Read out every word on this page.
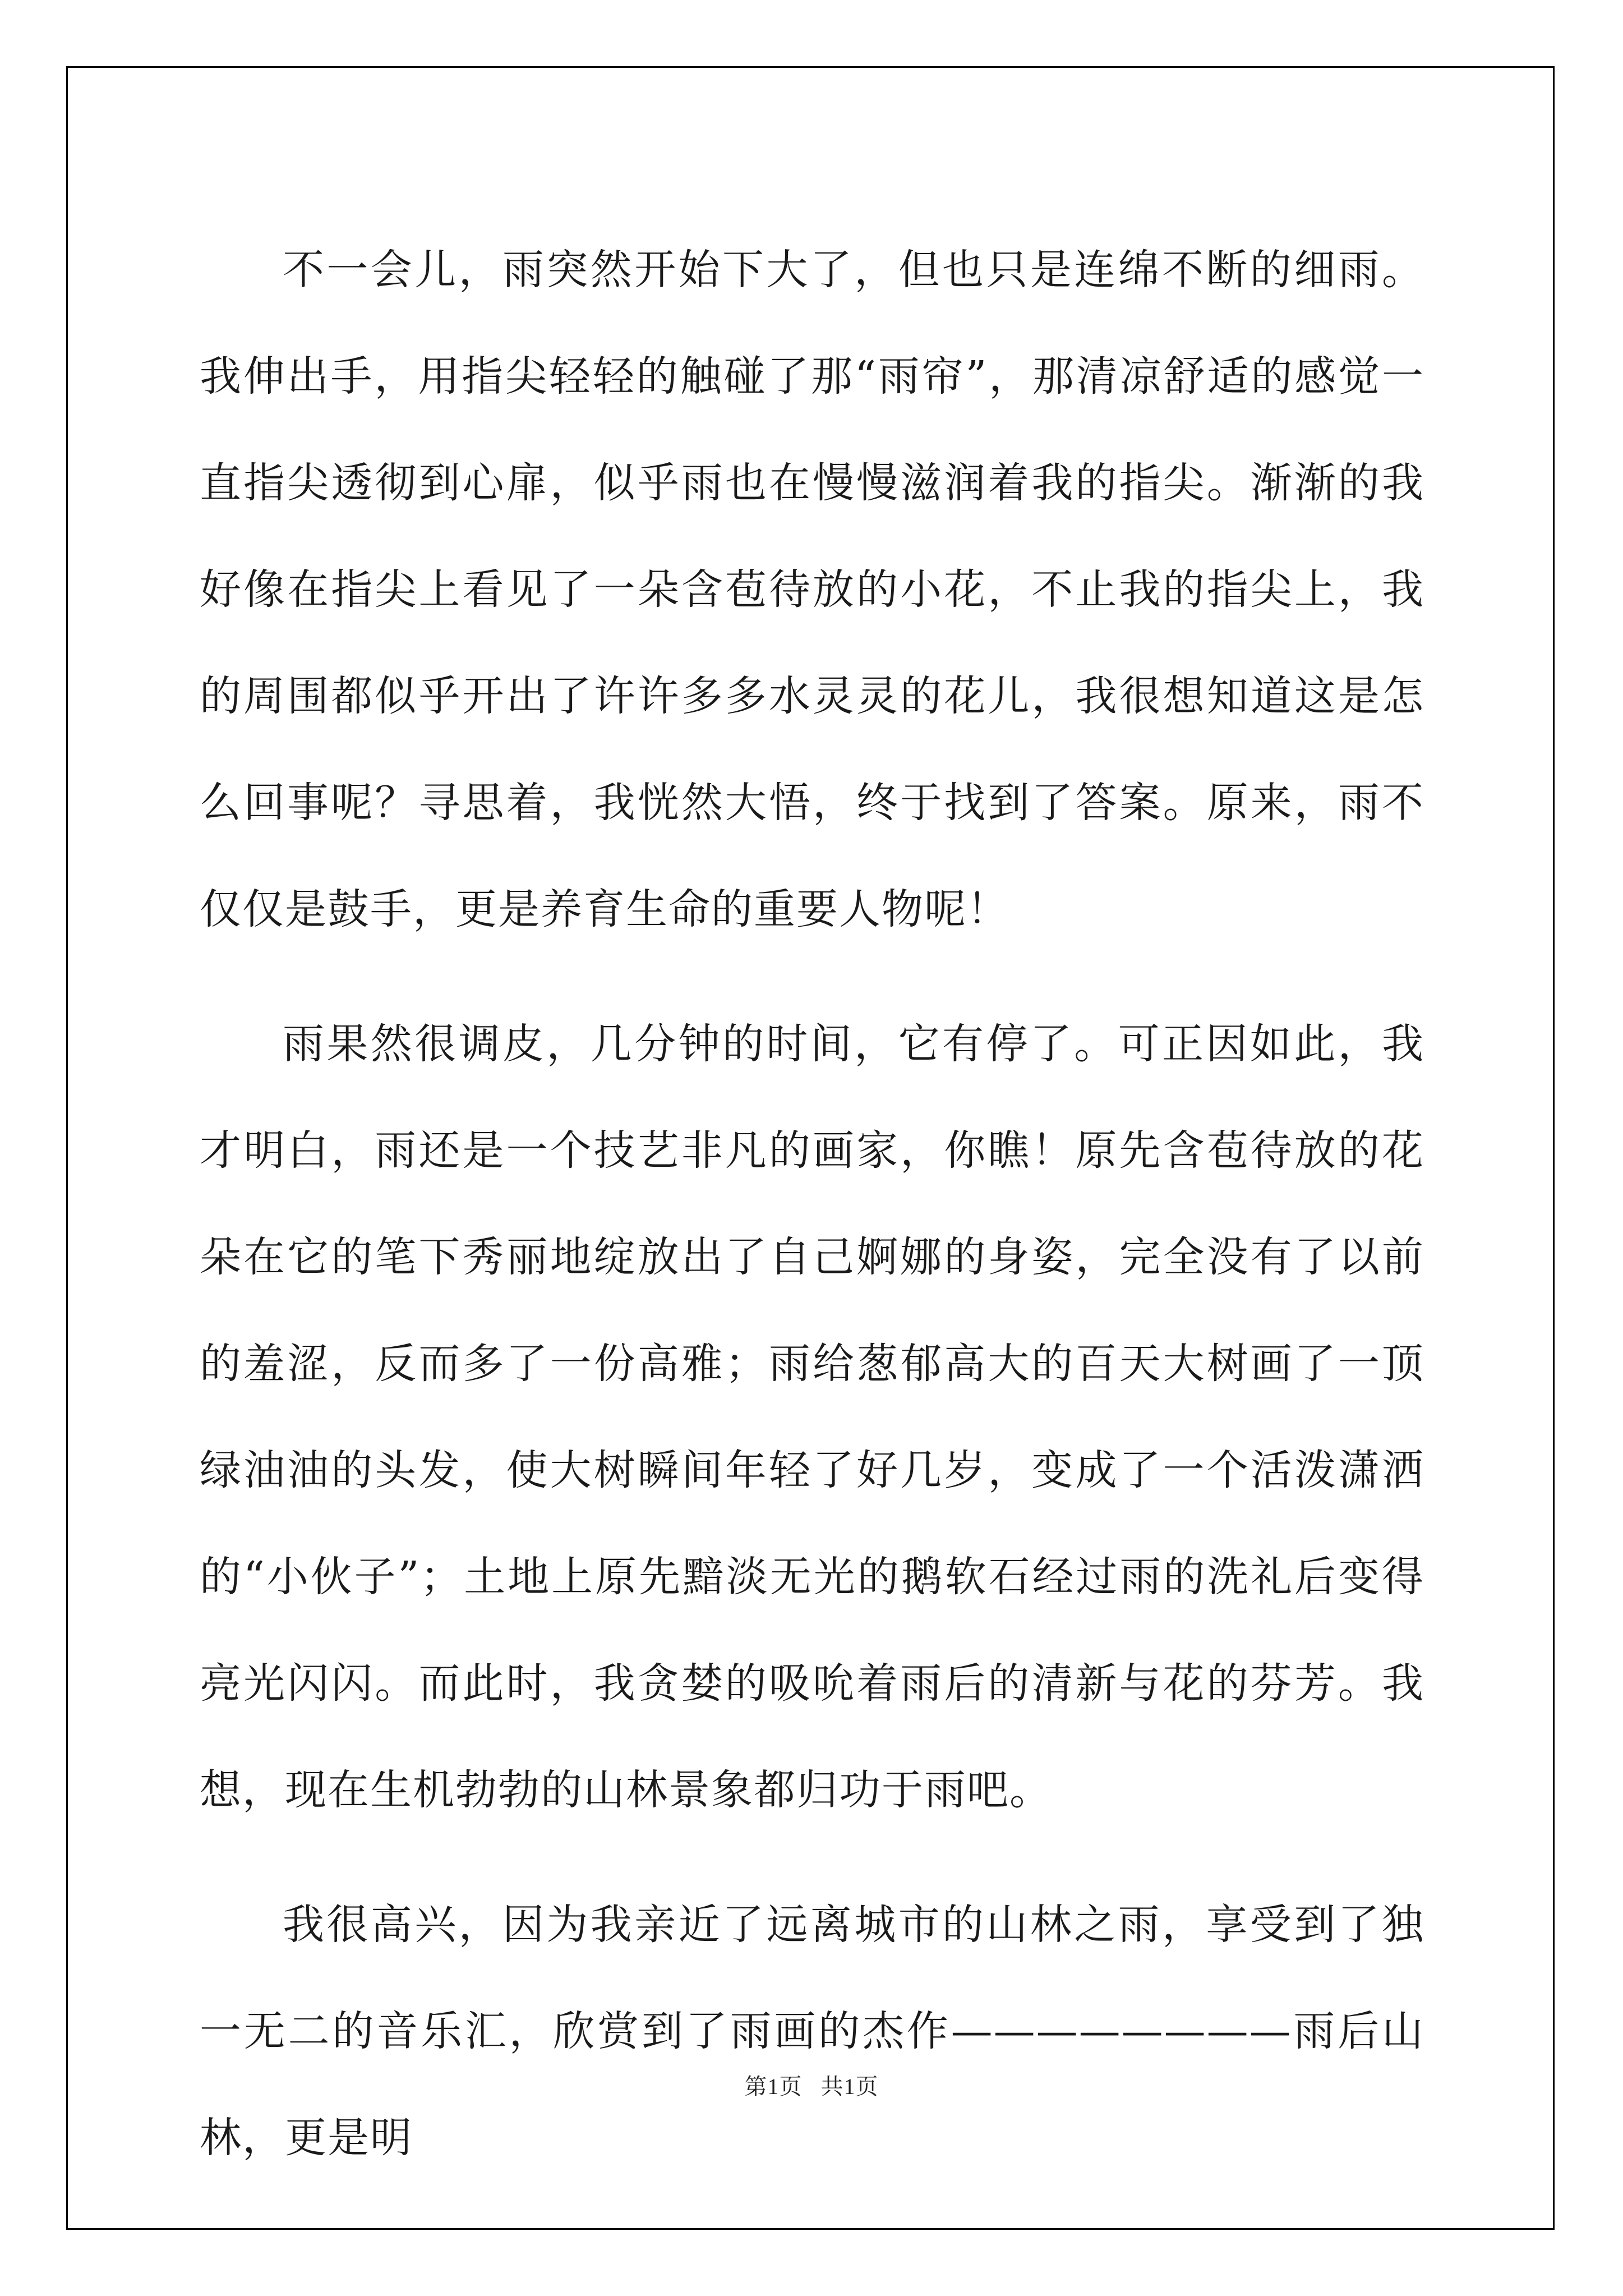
不一会儿，雨突然开始下大了，但也只是连绵不断的细雨。我伸出手，用指尖轻轻的触碰了那“雨帘”，那清凉舒适的感觉一直指尖透彻到心扉，似乎雨也在慢慢滋润着我的指尖。渐渐的我好像在指尖上看见了一朵含苞待放的小花，不止我的指尖上，我的周围都似乎开出了许许多多水灵灵的花儿，我很想知道这是怎么回事呢？寻思着，我恍然大悟，终于找到了答案。原来，雨不仅仅是鼓手，更是养育生命的重要人物呢！

雨果然很调皮，几分钟的时间，它有停了。可正因如此，我才明白，雨还是一个技艺非凡的画家，你瞧！原先含苞待放的花朵在它的笔下秀丽地绽放出了自己婀娜的身姿，完全没有了以前的羞涩，反而多了一份高雅；雨给葱郁高大的百天大树画了一顶绿油油的头发，使大树瞬间年轻了好几岁，变成了一个活泼潇洒的“小伙子”；土地上原先黯淡无光的鹅软石经过雨的洗礼后变得亮光闪闪。而此时，我贪婪的吸吮着雨后的清新与花的芬芳。我想，现在生机勃勃的山林景象都归功于雨吧。

我很高兴，因为我亲近了远离城市的山林之雨，享受到了独一无二的音乐汇，欣赏到了雨画的杰作————————雨后山林，更是明

第1页 共1页
